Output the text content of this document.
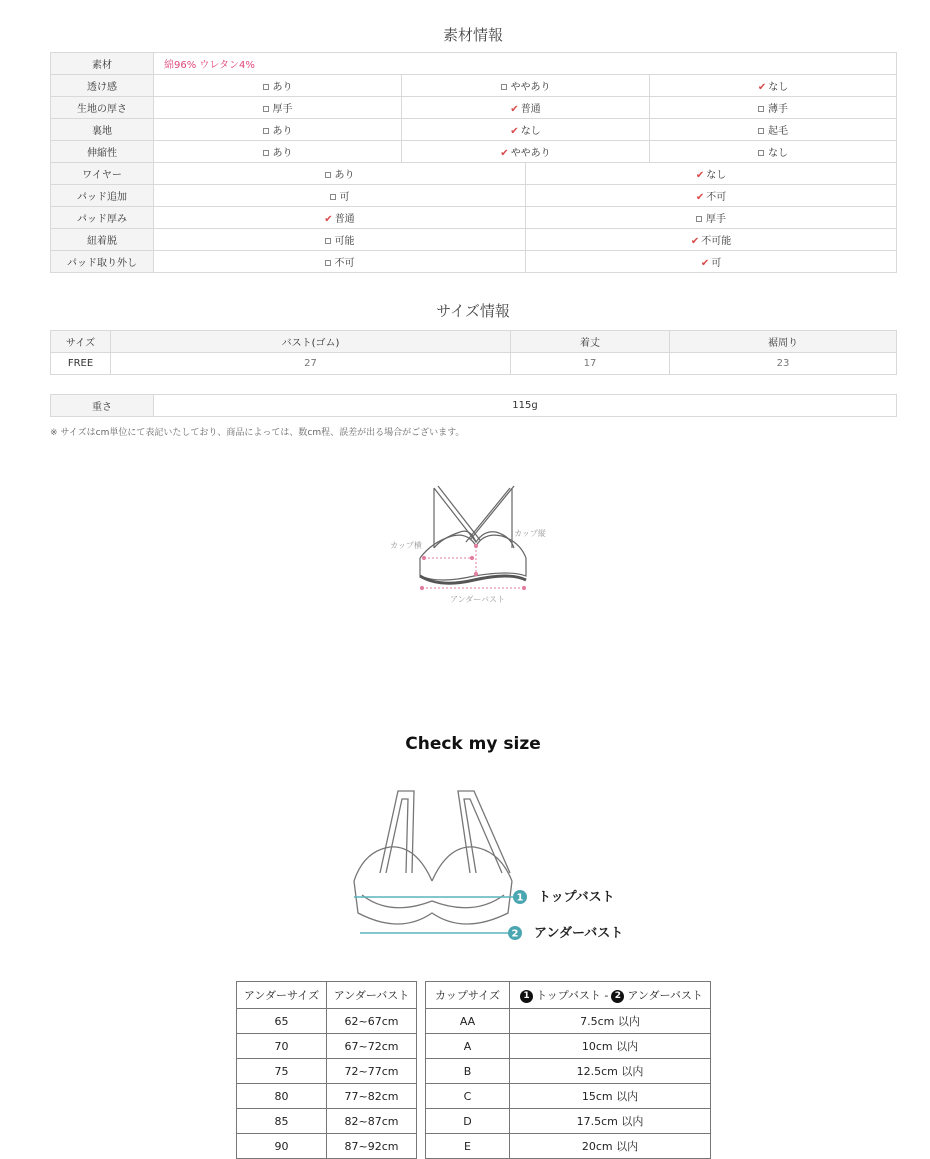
素材情報
素材	綿96% ウレタン4%			
透け感	あり	ややあり		✔ なし
生地の厚さ	厚手	✔ 普通		薄手
裏地	あり	✔ なし		起毛
伸縮性	あり	✔ ややあり		なし
ワイヤー	あり		✔ なし	
パッド追加	可		✔ 不可	
パッド厚み	✔ 普通		厚手	
紐着脱	可能		✔ 不可能	
パッド取り外し	不可		✔ 可	
サイズ情報
サイズ	バスト(ゴム)	着丈	裾周り
FREE	27	17	23
重さ	115g
※ サイズはcm単位にて表記いたしており、商品によっては、数cm程、誤差が出る場合がございます。
カップ横
カップ縦
アンダーバスト
Check my size
1
2
トップバスト
アンダーバスト
アンダーサイズ	アンダーバスト
65	62~67cm
70	67~72cm
75	72~77cm
80	77~82cm
85	82~87cm
90	87~92cm
カップサイズ	1 トップバスト - 2 アンダーバスト
AA	7.5cm 以内
A	10cm 以内
B	12.5cm 以内
C	15cm 以内
D	17.5cm 以内
E	20cm 以内
